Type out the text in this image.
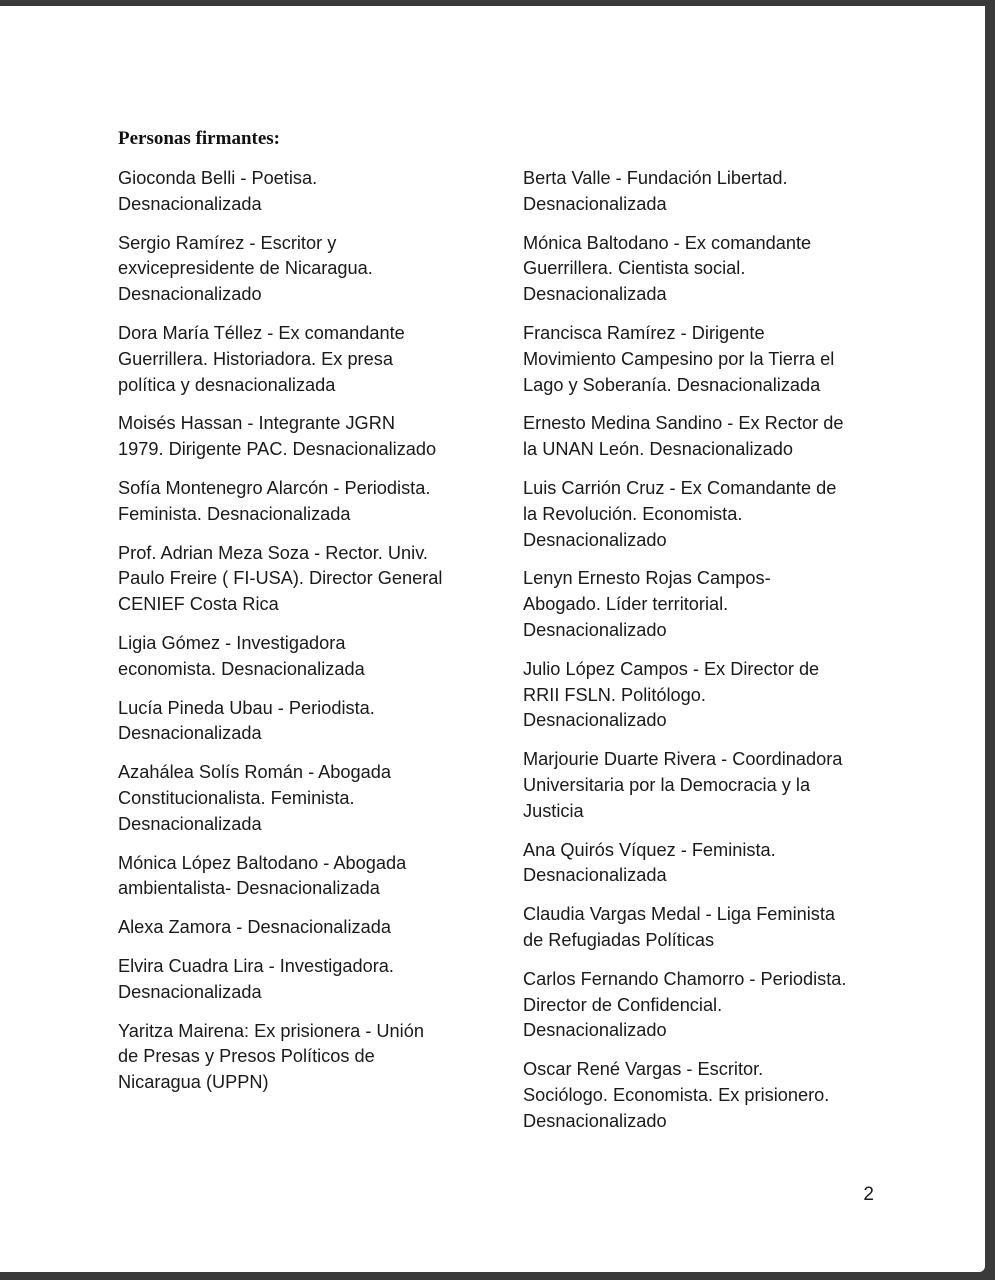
Personas firmantes:

Gioconda Belli - Poetisa.
Desnacionalizada

Sergio Ramírez - Escritor y
exvicepresidente de Nicaragua.
Desnacionalizado

Dora María Téllez - Ex comandante
Guerrillera. Historiadora. Ex presa
política y desnacionalizada

Moisés Hassan - Integrante JGRN
1979. Dirigente PAC. Desnacionalizado

Sofía Montenegro Alarcón - Periodista.
Feminista. Desnacionalizada

Prof. Adrian Meza Soza - Rector. Univ.
Paulo Freire ( FI-USA). Director General
CENIEF Costa Rica

Ligia Gómez - Investigadora
economista. Desnacionalizada

Lucía Pineda Ubau - Periodista.
Desnacionalizada

Azahálea Solís Román - Abogada
Constitucionalista. Feminista.
Desnacionalizada

Mónica López Baltodano - Abogada
ambientalista- Desnacionalizada

Alexa Zamora - Desnacionalizada

Elvira Cuadra Lira - Investigadora.
Desnacionalizada

Yaritza Mairena: Ex prisionera - Unión
de Presas y Presos Políticos de
Nicaragua (UPPN)

Berta Valle - Fundación Libertad.
Desnacionalizada

Mónica Baltodano - Ex comandante
Guerrillera. Cientista social.
Desnacionalizada

Francisca Ramírez - Dirigente
Movimiento Campesino por la Tierra el
Lago y Soberanía. Desnacionalizada

Ernesto Medina Sandino - Ex Rector de
la UNAN León. Desnacionalizado

Luis Carrión Cruz - Ex Comandante de
la Revolución. Economista.
Desnacionalizado

Lenyn Ernesto Rojas Campos-
Abogado. Líder territorial.
Desnacionalizado

Julio López Campos - Ex Director de
RRII FSLN. Politólogo.
Desnacionalizado

Marjourie Duarte Rivera - Coordinadora
Universitaria por la Democracia y la
Justicia

Ana Quirós Víquez - Feminista.
Desnacionalizada

Claudia Vargas Medal - Liga Feminista
de Refugiadas Políticas

Carlos Fernando Chamorro - Periodista.
Director de Confidencial.
Desnacionalizado

Oscar René Vargas - Escritor.
Sociólogo. Economista. Ex prisionero.
Desnacionalizado

2
